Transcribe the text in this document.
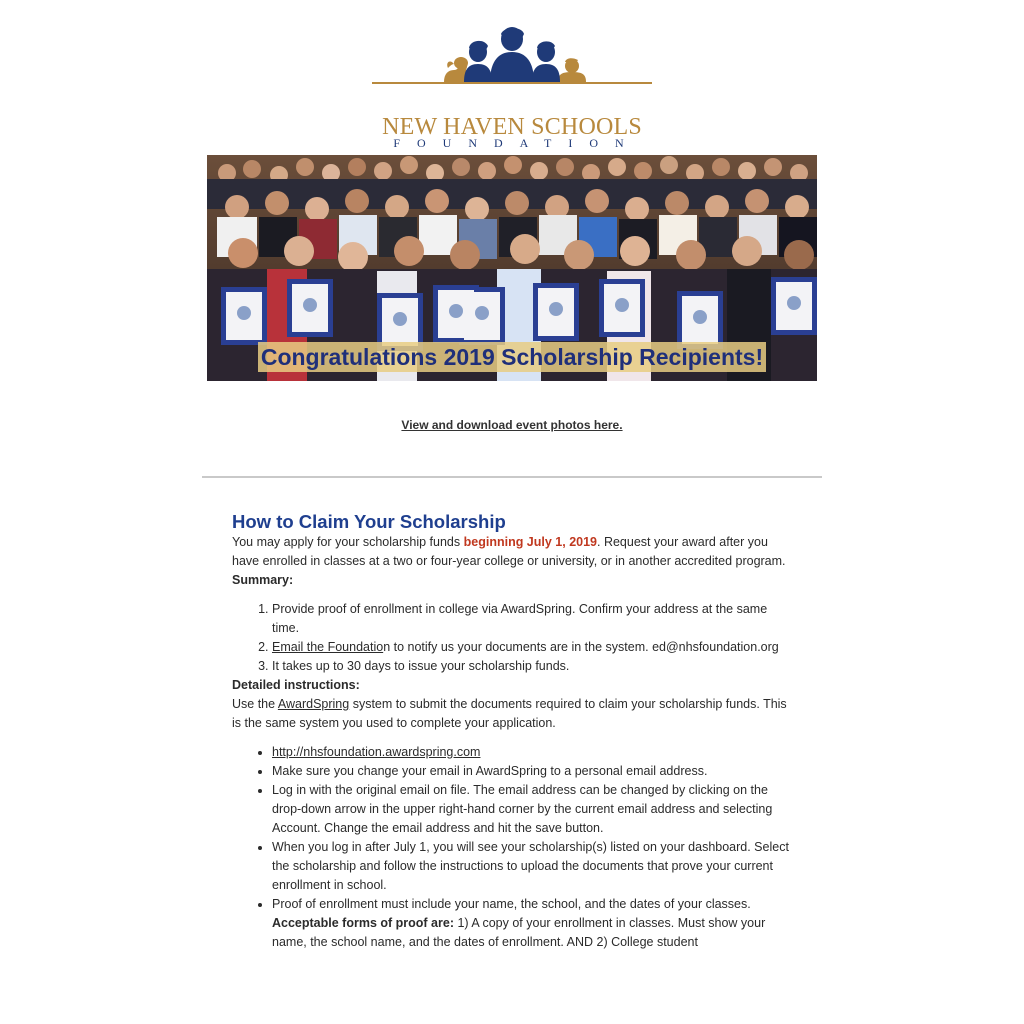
NEW HAVEN SCHOOLS
FOUNDATION
Congratulations 2019 Scholarship Recipients!
View and download event photos here.
How to Claim Your Scholarship

You may apply for your scholarship funds beginning July 1, 2019. Request your award after you have enrolled in classes at a two or four-year college or university, or in another accredited program.

Summary:

1. Provide proof of enrollment in college via AwardSpring. Confirm your address at the same time.
2. Email the Foundation to notify us your documents are in the system. ed@nhsfoundation.org
3. It takes up to 30 days to issue your scholarship funds.

Detailed instructions:

Use the AwardSpring system to submit the documents required to claim your scholarship funds. This is the same system you used to complete your application.

• http://nhsfoundation.awardspring.com
• Make sure you change your email in AwardSpring to a personal email address.
• Log in with the original email on file. The email address can be changed by clicking on the drop-down arrow in the upper right-hand corner by the current email address and selecting Account. Change the email address and hit the save button.
• When you log in after July 1, you will see your scholarship(s) listed on your dashboard. Select the scholarship and follow the instructions to upload the documents that prove your current enrollment in school.
• Proof of enrollment must include your name, the school, and the dates of your classes. Acceptable forms of proof are: 1) A copy of your enrollment in classes. Must show your name, the school name, and the dates of enrollment. AND 2) College student
